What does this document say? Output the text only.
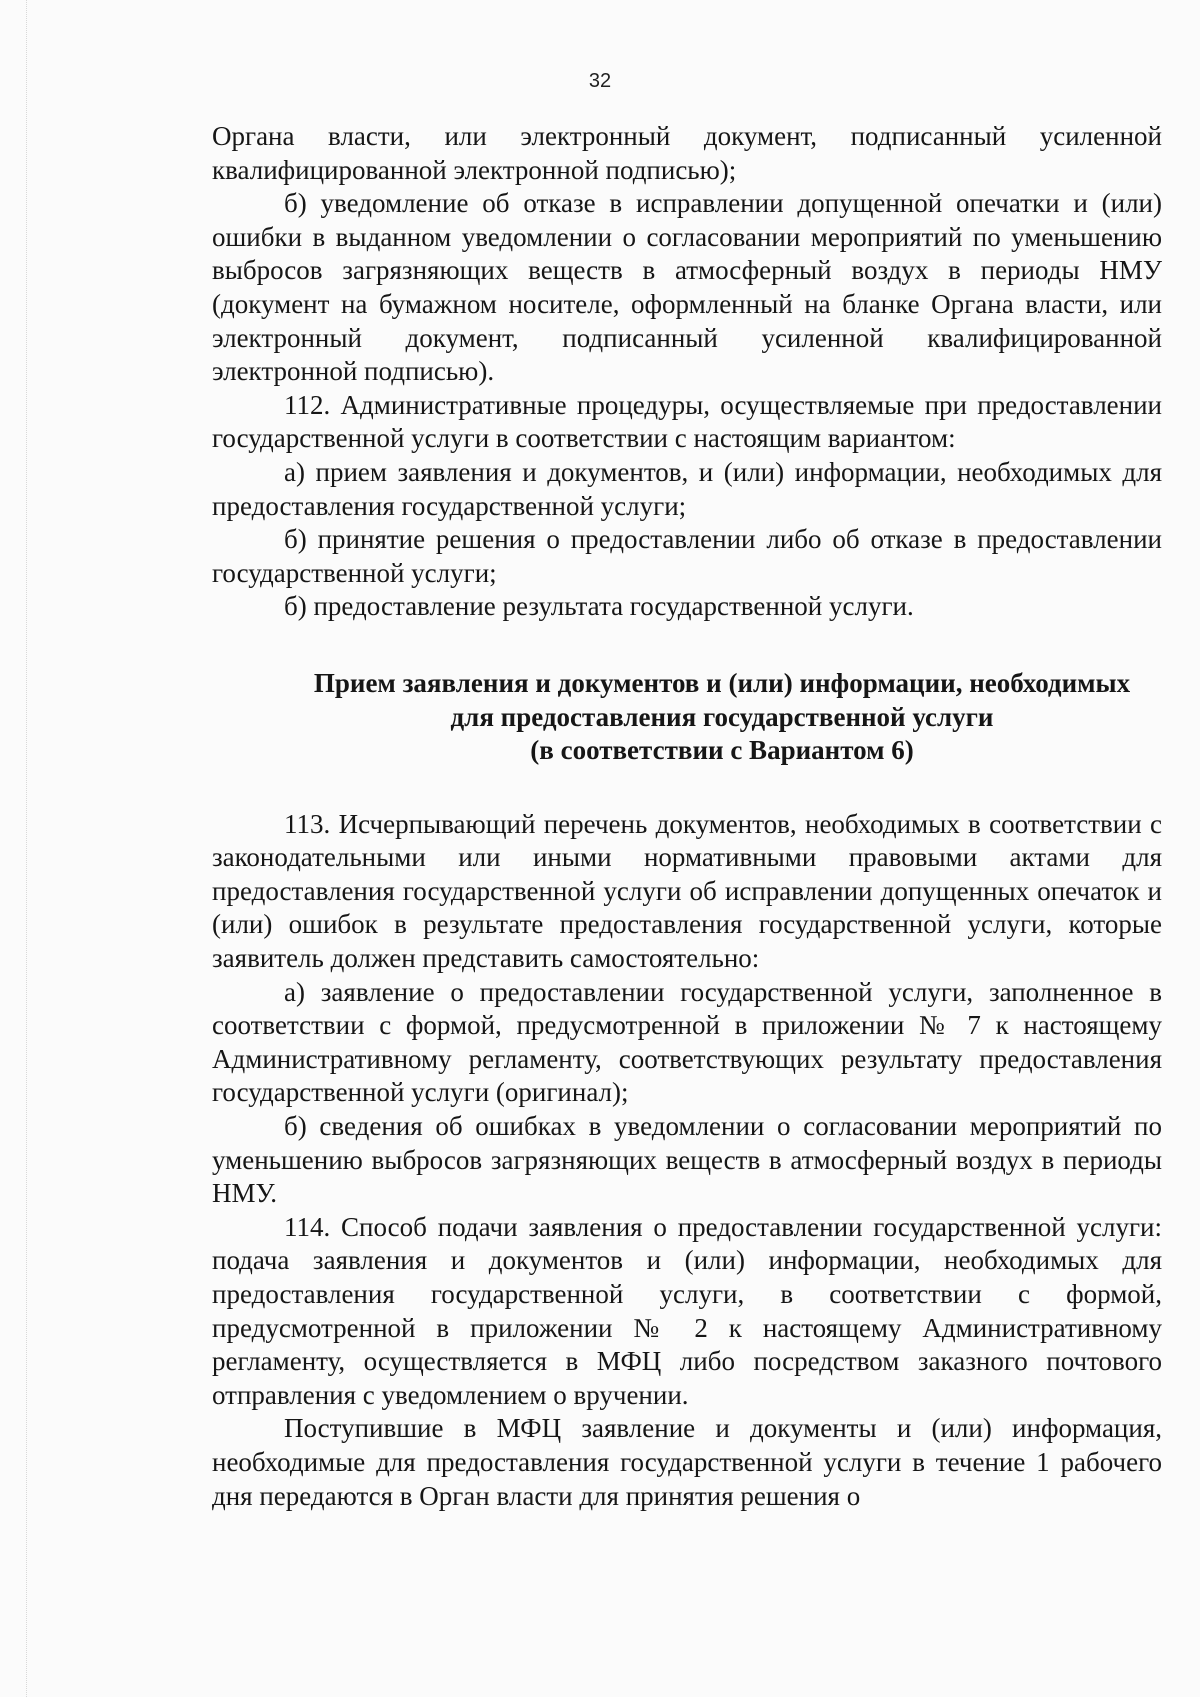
32

Органа власти, или электронный документ, подписанный усиленной квалифицированной электронной подписью);

б) уведомление об отказе в исправлении допущенной опечатки и (или) ошибки в выданном уведомлении о согласовании мероприятий по уменьшению выбросов загрязняющих веществ в атмосферный воздух в периоды НМУ (документ на бумажном носителе, оформленный на бланке Органа власти, или электронный документ, подписанный усиленной квалифицированной электронной подписью).

112. Административные процедуры, осуществляемые при предоставлении государственной услуги в соответствии с настоящим вариантом:

а) прием заявления и документов, и (или) информации, необходимых для предоставления государственной услуги;

б) принятие решения о предоставлении либо об отказе в предоставлении государственной услуги;

б) предоставление результата государственной услуги.

Прием заявления и документов и (или) информации, необходимых
для предоставления государственной услуги
(в соответствии с Вариантом 6)

113. Исчерпывающий перечень документов, необходимых в соответствии с законодательными или иными нормативными правовыми актами для предоставления государственной услуги об исправлении допущенных опечаток и (или) ошибок в результате предоставления государственной услуги, которые заявитель должен представить самостоятельно:

а) заявление о предоставлении государственной услуги, заполненное в соответствии с формой, предусмотренной в приложении № 7 к настоящему Административному регламенту, соответствующих результату предоставления государственной услуги (оригинал);

б) сведения об ошибках в уведомлении о согласовании мероприятий по уменьшению выбросов загрязняющих веществ в атмосферный воздух в периоды НМУ.

114. Способ подачи заявления о предоставлении государственной услуги: подача заявления и документов и (или) информации, необходимых для предоставления государственной услуги, в соответствии с формой, предусмотренной в приложении № 2 к настоящему Административному регламенту, осуществляется в МФЦ либо посредством заказного почтового отправления с уведомлением о вручении.

Поступившие в МФЦ заявление и документы и (или) информация, необходимые для предоставления государственной услуги в течение 1 рабочего дня передаются в Орган власти для принятия решения о
